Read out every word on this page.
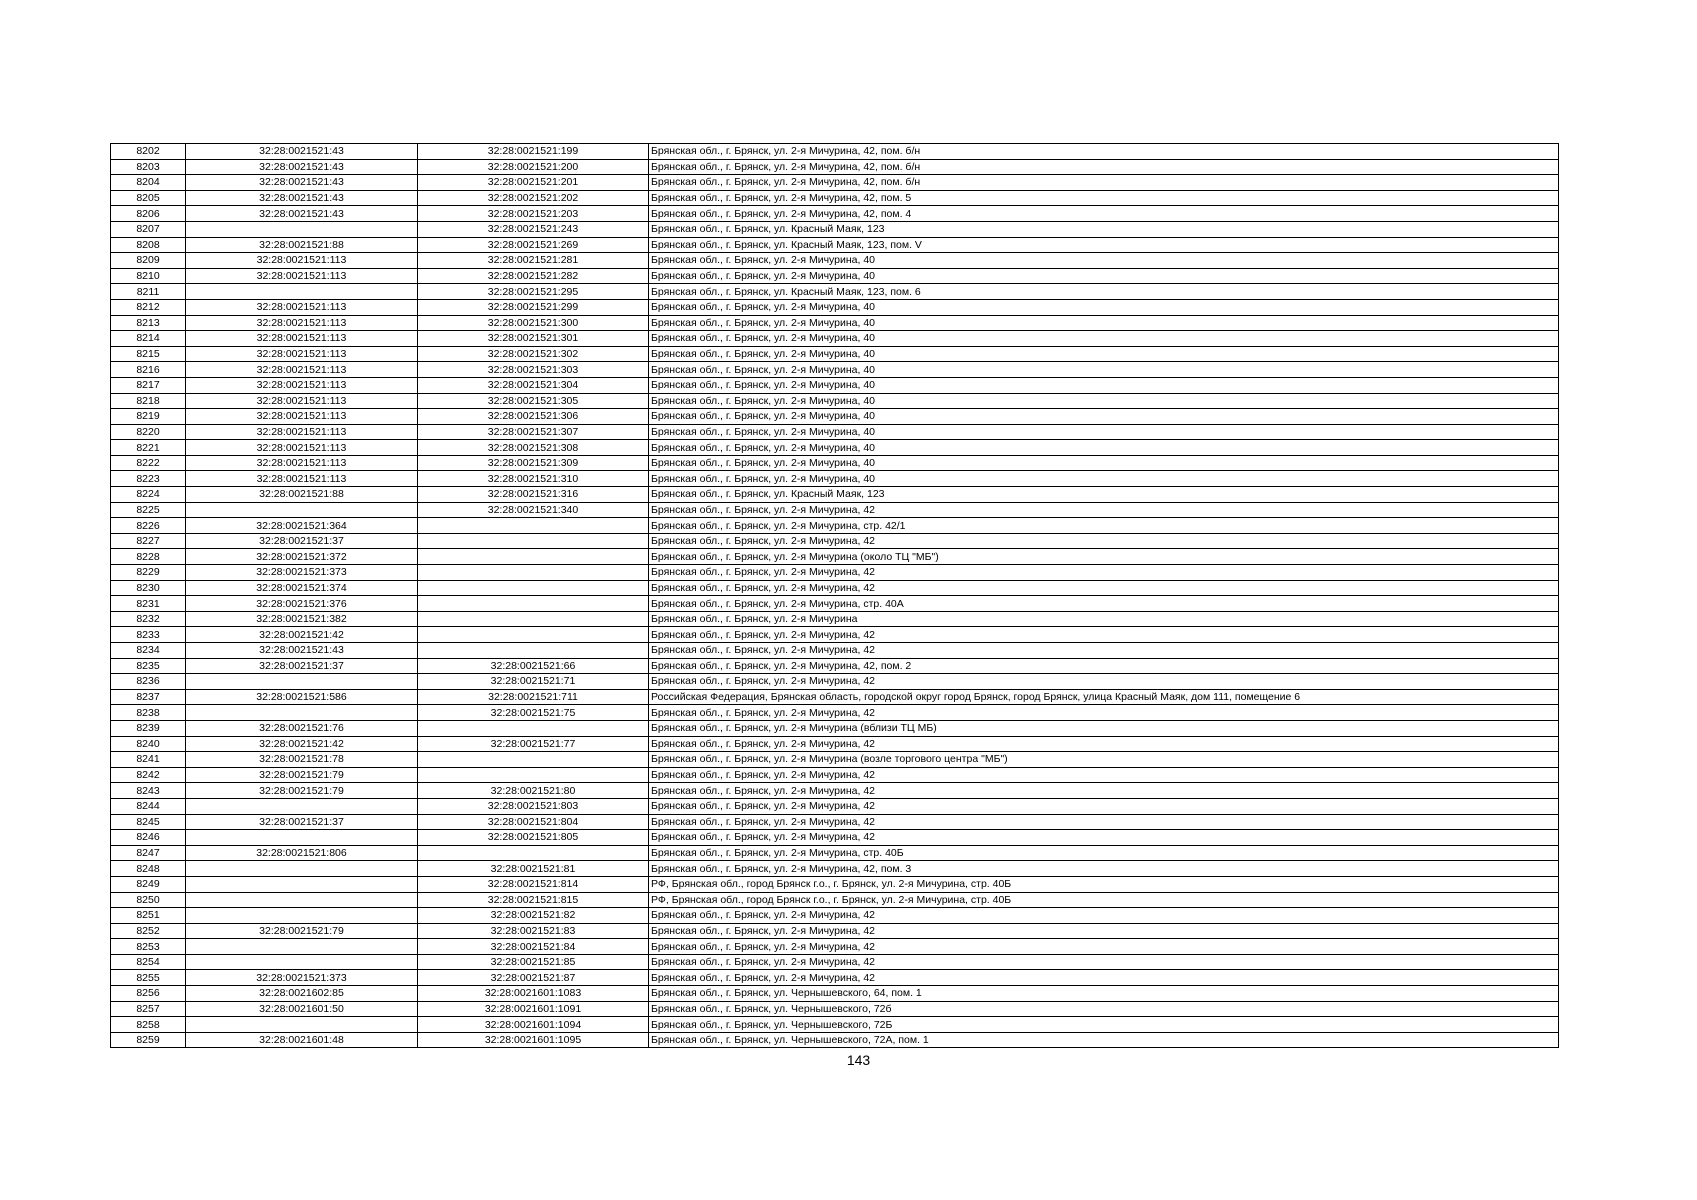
8202	32:28:0021521:43	32:28:0021521:199	Брянская обл., г. Брянск, ул. 2-я Мичурина, 42, пом. б/н
8203	32:28:0021521:43	32:28:0021521:200	Брянская обл., г. Брянск, ул. 2-я Мичурина, 42, пом. б/н
8204	32:28:0021521:43	32:28:0021521:201	Брянская обл., г. Брянск, ул. 2-я Мичурина, 42, пом. б/н
8205	32:28:0021521:43	32:28:0021521:202	Брянская обл., г. Брянск, ул. 2-я Мичурина, 42, пом. 5
8206	32:28:0021521:43	32:28:0021521:203	Брянская обл., г. Брянск, ул. 2-я Мичурина, 42, пом. 4
8207		32:28:0021521:243	Брянская обл., г. Брянск, ул. Красный Маяк, 123
8208	32:28:0021521:88	32:28:0021521:269	Брянская обл., г. Брянск, ул. Красный Маяк, 123, пом. V
8209	32:28:0021521:113	32:28:0021521:281	Брянская обл., г. Брянск, ул. 2-я Мичурина, 40
8210	32:28:0021521:113	32:28:0021521:282	Брянская обл., г. Брянск, ул. 2-я Мичурина, 40
8211		32:28:0021521:295	Брянская обл., г. Брянск, ул. Красный Маяк, 123, пом. 6
8212	32:28:0021521:113	32:28:0021521:299	Брянская обл., г. Брянск, ул. 2-я Мичурина, 40
8213	32:28:0021521:113	32:28:0021521:300	Брянская обл., г. Брянск, ул. 2-я Мичурина, 40
8214	32:28:0021521:113	32:28:0021521:301	Брянская обл., г. Брянск, ул. 2-я Мичурина, 40
8215	32:28:0021521:113	32:28:0021521:302	Брянская обл., г. Брянск, ул. 2-я Мичурина, 40
8216	32:28:0021521:113	32:28:0021521:303	Брянская обл., г. Брянск, ул. 2-я Мичурина, 40
8217	32:28:0021521:113	32:28:0021521:304	Брянская обл., г. Брянск, ул. 2-я Мичурина, 40
8218	32:28:0021521:113	32:28:0021521:305	Брянская обл., г. Брянск, ул. 2-я Мичурина, 40
8219	32:28:0021521:113	32:28:0021521:306	Брянская обл., г. Брянск, ул. 2-я Мичурина, 40
8220	32:28:0021521:113	32:28:0021521:307	Брянская обл., г. Брянск, ул. 2-я Мичурина, 40
8221	32:28:0021521:113	32:28:0021521:308	Брянская обл., г. Брянск, ул. 2-я Мичурина, 40
8222	32:28:0021521:113	32:28:0021521:309	Брянская обл., г. Брянск, ул. 2-я Мичурина, 40
8223	32:28:0021521:113	32:28:0021521:310	Брянская обл., г. Брянск, ул. 2-я Мичурина, 40
8224	32:28:0021521:88	32:28:0021521:316	Брянская обл., г. Брянск, ул. Красный Маяк, 123
8225		32:28:0021521:340	Брянская обл., г. Брянск, ул. 2-я Мичурина, 42
8226	32:28:0021521:364		Брянская обл., г. Брянск, ул. 2-я Мичурина, стр. 42/1
8227	32:28:0021521:37		Брянская обл., г. Брянск, ул. 2-я Мичурина, 42
8228	32:28:0021521:372		Брянская обл., г. Брянск, ул. 2-я Мичурина (около ТЦ "МБ")
8229	32:28:0021521:373		Брянская обл., г. Брянск, ул. 2-я Мичурина, 42
8230	32:28:0021521:374		Брянская обл., г. Брянск, ул. 2-я Мичурина, 42
8231	32:28:0021521:376		Брянская обл., г. Брянск, ул. 2-я Мичурина, стр. 40А
8232	32:28:0021521:382		Брянская обл., г. Брянск, ул. 2-я Мичурина
8233	32:28:0021521:42		Брянская обл., г. Брянск, ул. 2-я Мичурина, 42
8234	32:28:0021521:43		Брянская обл., г. Брянск, ул. 2-я Мичурина, 42
8235	32:28:0021521:37	32:28:0021521:66	Брянская обл., г. Брянск, ул. 2-я Мичурина, 42, пом. 2
8236		32:28:0021521:71	Брянская обл., г. Брянск, ул. 2-я Мичурина, 42
8237	32:28:0021521:586	32:28:0021521:711	Российская Федерация, Брянская область, городской округ город Брянск, город Брянск, улица Красный Маяк, дом 111, помещение 6
8238		32:28:0021521:75	Брянская обл., г. Брянск, ул. 2-я Мичурина, 42
8239	32:28:0021521:76		Брянская обл., г. Брянск, ул. 2-я Мичурина (вблизи ТЦ МБ)
8240	32:28:0021521:42	32:28:0021521:77	Брянская обл., г. Брянск, ул. 2-я Мичурина, 42
8241	32:28:0021521:78		Брянская обл., г. Брянск, ул. 2-я Мичурина (возле торгового центра "МБ")
8242	32:28:0021521:79		Брянская обл., г. Брянск, ул. 2-я Мичурина, 42
8243	32:28:0021521:79	32:28:0021521:80	Брянская обл., г. Брянск, ул. 2-я Мичурина, 42
8244		32:28:0021521:803	Брянская обл., г. Брянск, ул. 2-я Мичурина, 42
8245	32:28:0021521:37	32:28:0021521:804	Брянская обл., г. Брянск, ул. 2-я Мичурина, 42
8246		32:28:0021521:805	Брянская обл., г. Брянск, ул. 2-я Мичурина, 42
8247	32:28:0021521:806		Брянская обл., г. Брянск, ул. 2-я Мичурина, стр. 40Б
8248		32:28:0021521:81	Брянская обл., г. Брянск, ул. 2-я Мичурина, 42, пом. 3
8249		32:28:0021521:814	РФ, Брянская обл., город Брянск г.о., г. Брянск, ул. 2-я Мичурина, стр. 40Б
8250		32:28:0021521:815	РФ, Брянская обл., город Брянск г.о., г. Брянск, ул. 2-я Мичурина, стр. 40Б
8251		32:28:0021521:82	Брянская обл., г. Брянск, ул. 2-я Мичурина, 42
8252	32:28:0021521:79	32:28:0021521:83	Брянская обл., г. Брянск, ул. 2-я Мичурина, 42
8253		32:28:0021521:84	Брянская обл., г. Брянск, ул. 2-я Мичурина, 42
8254		32:28:0021521:85	Брянская обл., г. Брянск, ул. 2-я Мичурина, 42
8255	32:28:0021521:373	32:28:0021521:87	Брянская обл., г. Брянск, ул. 2-я Мичурина, 42
8256	32:28:0021602:85	32:28:0021601:1083	Брянская обл., г. Брянск, ул. Чернышевского, 64, пом. 1
8257	32:28:0021601:50	32:28:0021601:1091	Брянская обл., г. Брянск, ул. Чернышевского, 72б
8258		32:28:0021601:1094	Брянская обл., г. Брянск, ул. Чернышевского, 72Б
8259	32:28:0021601:48	32:28:0021601:1095	Брянская обл., г. Брянск, ул. Чернышевского, 72А, пом. 1
143
